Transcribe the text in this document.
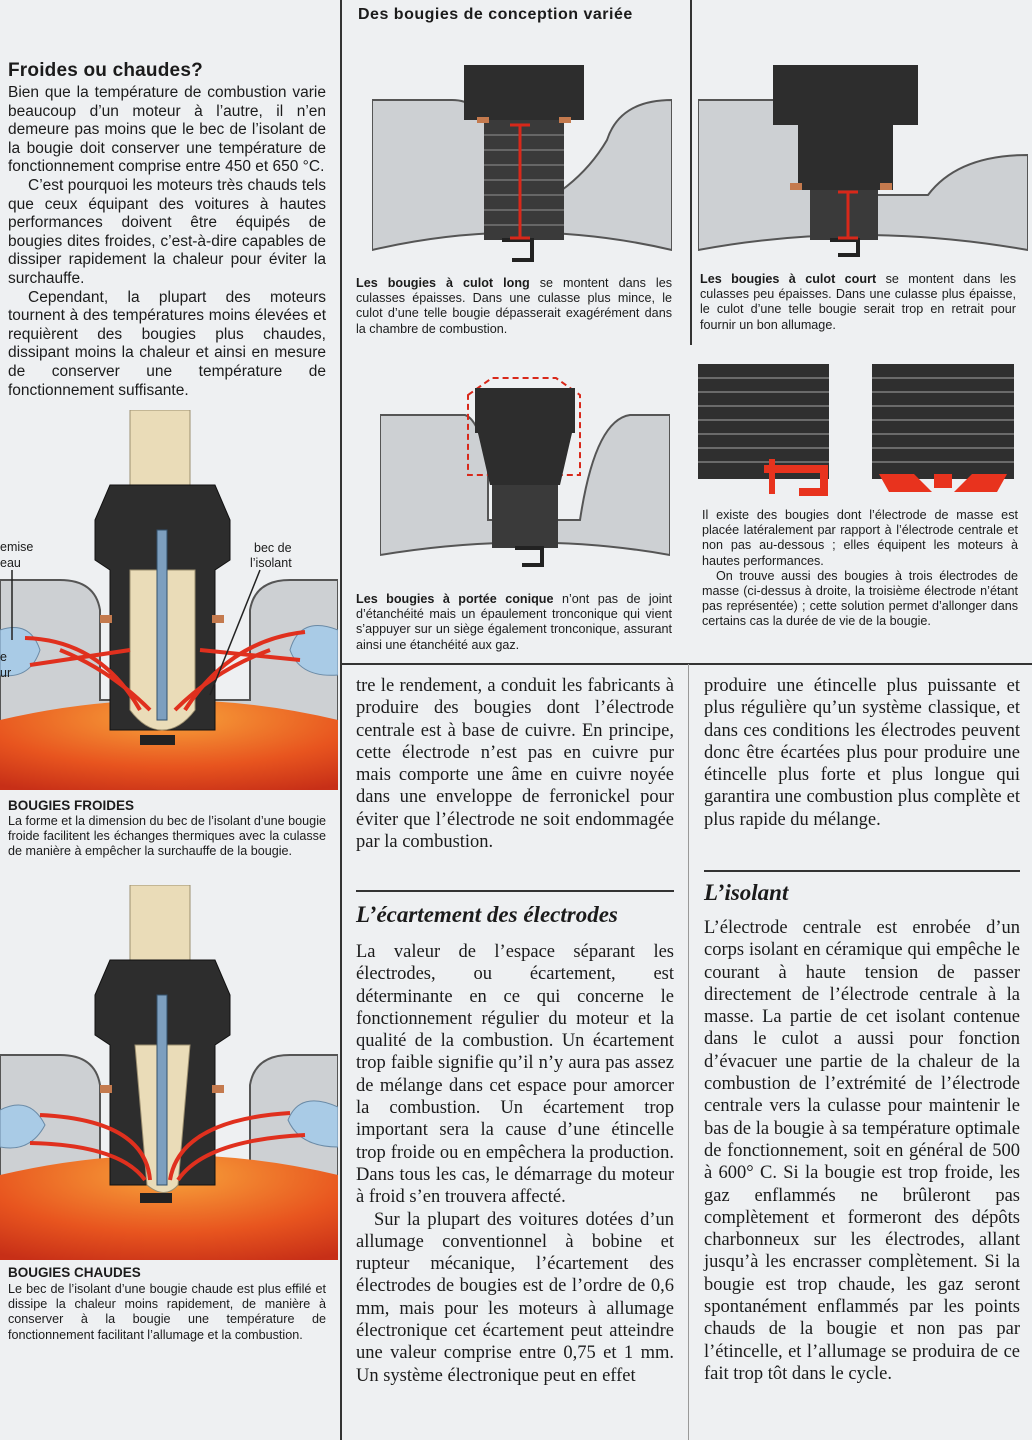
Des bougies de conception variée
Froides ou chaudes?

Bien que la température de combustion varie beaucoup d’un moteur à l’autre, il n’en demeure pas moins que le bec de l’isolant de la bougie doit conserver une température de fonctionnement comprise entre 450 et 650 °C.

C’est pourquoi les moteurs très chauds tels que ceux équipant des voitures à hautes performances doivent être équipés de bougies dites froides, c’est-à-dire capables de dissiper rapidement la chaleur pour éviter la surchauffe.

Cependant, la plupart des moteurs tournent à des températures moins élevées et requièrent des bougies plus chaudes, dissipant moins la chaleur et ainsi en mesure de conserver une température de fonctionnement suffisante.

emise
eau
e
ur
bec de
l’isolant
BOUGIES FROIDES
La forme et la dimension du bec de l’isolant d’une bougie froide facilitent les échanges thermiques avec la culasse de manière à empêcher la surchauffe de la bougie.
BOUGIES CHAUDES
Le bec de l’isolant d’une bougie chaude est plus effilé et dissipe la chaleur moins rapidement, de manière à conserver à la bougie une température de fonctionnement facilitant l’allumage et la combustion.
Les bougies à culot long se montent dans les culasses épaisses. Dans une culasse plus mince, le culot d’une telle bougie dépasserait exagérément dans la chambre de combustion.
Les bougies à culot court se montent dans les culasses peu épaisses. Dans une culasse plus épaisse, le culot d’une telle bougie serait trop en retrait pour fournir un bon allumage.
Les bougies à portée conique n’ont pas de joint d’étanchéité mais un épaulement tronconique qui vient s’appuyer sur un siège également tronconique, assurant ainsi une étanchéité aux gaz.
Il existe des bougies dont l’électrode de masse est placée latéralement par rapport à l’électrode centrale et non pas au-dessous ; elles équipent les moteurs à hautes performances.
On trouve aussi des bougies à trois électrodes de masse (ci-dessus à droite, la troisième électrode n’étant pas représentée) ; cette solution permet d’allonger dans certains cas la durée de vie de la bougie.
tre le rendement, a conduit les fabricants à produire des bougies dont l’électrode centrale est à base de cuivre. En principe, cette électrode n’est pas en cuivre pur mais comporte une âme en cuivre noyée dans une enveloppe de ferronickel pour éviter que l’électrode ne soit endommagée par la combustion.
L’écartement des électrodes

La valeur de l’espace séparant les électrodes, ou écartement, est déterminante en ce qui concerne le fonctionnement régulier du moteur et la qualité de la combustion. Un écartement trop faible signifie qu’il n’y aura pas assez de mélange dans cet espace pour amorcer la combustion. Un écartement trop important sera la cause d’une étincelle trop froide ou en empêchera la production. Dans tous les cas, le démarrage du moteur à froid s’en trouvera affecté.

Sur la plupart des voitures dotées d’un allumage conventionnel à bobine et rupteur mécanique, l’écartement des électrodes de bougies est de l’ordre de 0,6 mm, mais pour les moteurs à allumage électronique cet écartement peut atteindre une valeur comprise entre 0,75 et 1 mm. Un système électronique peut en effet

produire une étincelle plus puissante et plus régulière qu’un système classique, et dans ces conditions les électrodes peuvent donc être écartées plus pour produire une étincelle plus forte et plus longue qui garantira une combustion plus complète et plus rapide du mélange.
L’isolant

L’électrode centrale est enrobée d’un corps isolant en céramique qui empêche le courant à haute tension de passer directement de l’électrode centrale à la masse. La partie de cet isolant contenue dans le culot a aussi pour fonction d’évacuer une partie de la chaleur de la combustion de l’extrémité de l’électrode centrale vers la culasse pour maintenir le bas de la bougie à sa température optimale de fonctionnement, soit en général de 500 à 600° C. Si la bougie est trop froide, les gaz enflammés ne brûleront pas complètement et formeront des dépôts charbonneux sur les électrodes, allant jusqu’à les encrasser complètement. Si la bougie est trop chaude, les gaz seront spontanément enflammés par les points chauds de la bougie et non pas par l’étincelle, et l’allumage se produira de ce fait trop tôt dans le cycle.
